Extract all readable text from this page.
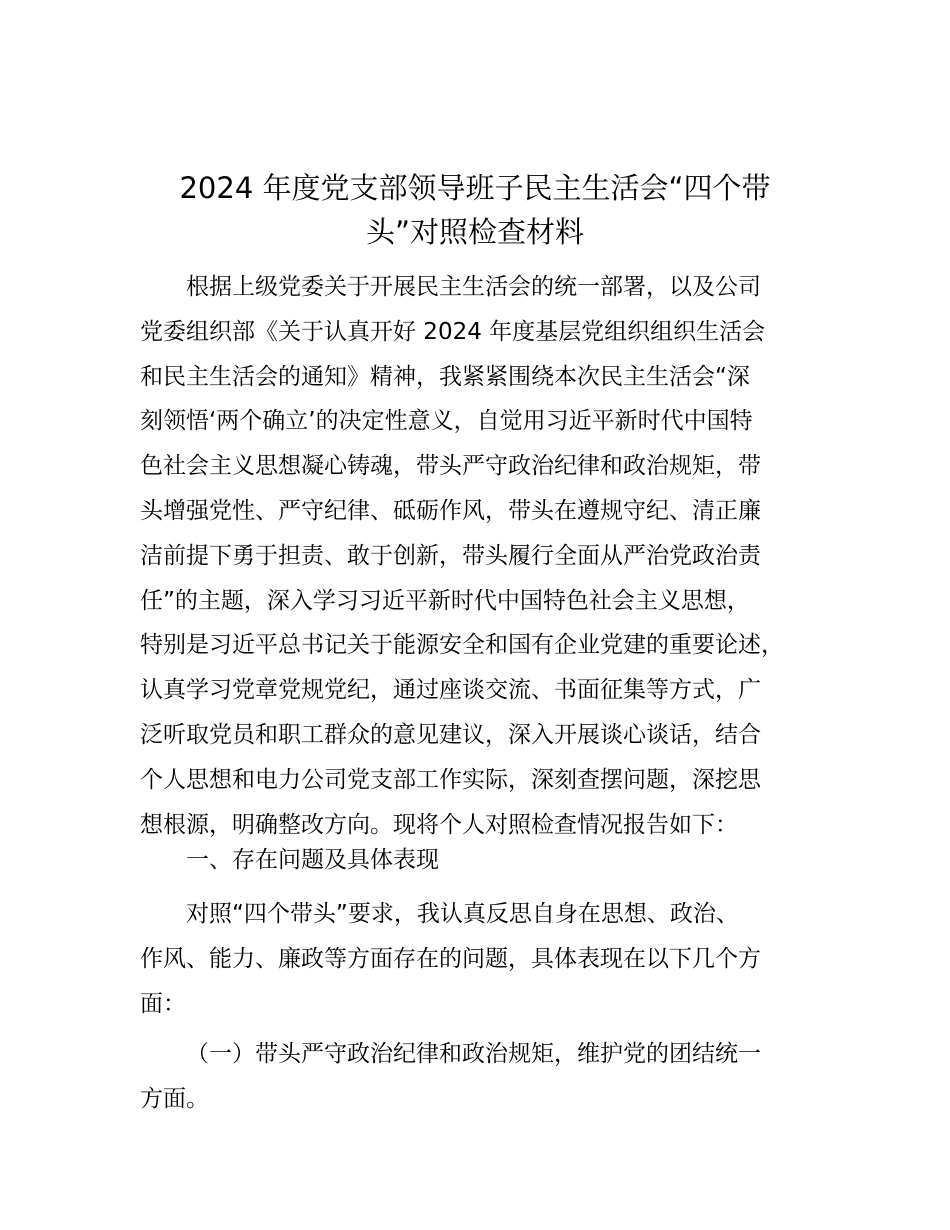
2024 年度党支部领导班子民主生活会“四个带
头”对照检查材料
根据上级党委关于开展民主生活会的统一部署，以及公司
党委组织部《关于认真开好 2024 年度基层党组织组织生活会
和民主生活会的通知》精神，我紧紧围绕本次民主生活会“深
刻领悟‘两个确立’的决定性意义，自觉用习近平新时代中国特
色社会主义思想凝心铸魂，带头严守政治纪律和政治规矩，带
头增强党性、严守纪律、砥砺作风，带头在遵规守纪、清正廉
洁前提下勇于担责、敢于创新，带头履行全面从严治党政治责
任”的主题，深入学习习近平新时代中国特色社会主义思想，
特别是习近平总书记关于能源安全和国有企业党建的重要论述，
认真学习党章党规党纪，通过座谈交流、书面征集等方式，广
泛听取党员和职工群众的意见建议，深入开展谈心谈话，结合
个人思想和电力公司党支部工作实际，深刻查摆问题，深挖思
想根源，明确整改方向。现将个人对照检查情况报告如下：
一、存在问题及具体表现
对照“四个带头”要求，我认真反思自身在思想、政治、
作风、能力、廉政等方面存在的问题，具体表现在以下几个方
面：
（一）带头严守政治纪律和政治规矩，维护党的团结统一
方面。
